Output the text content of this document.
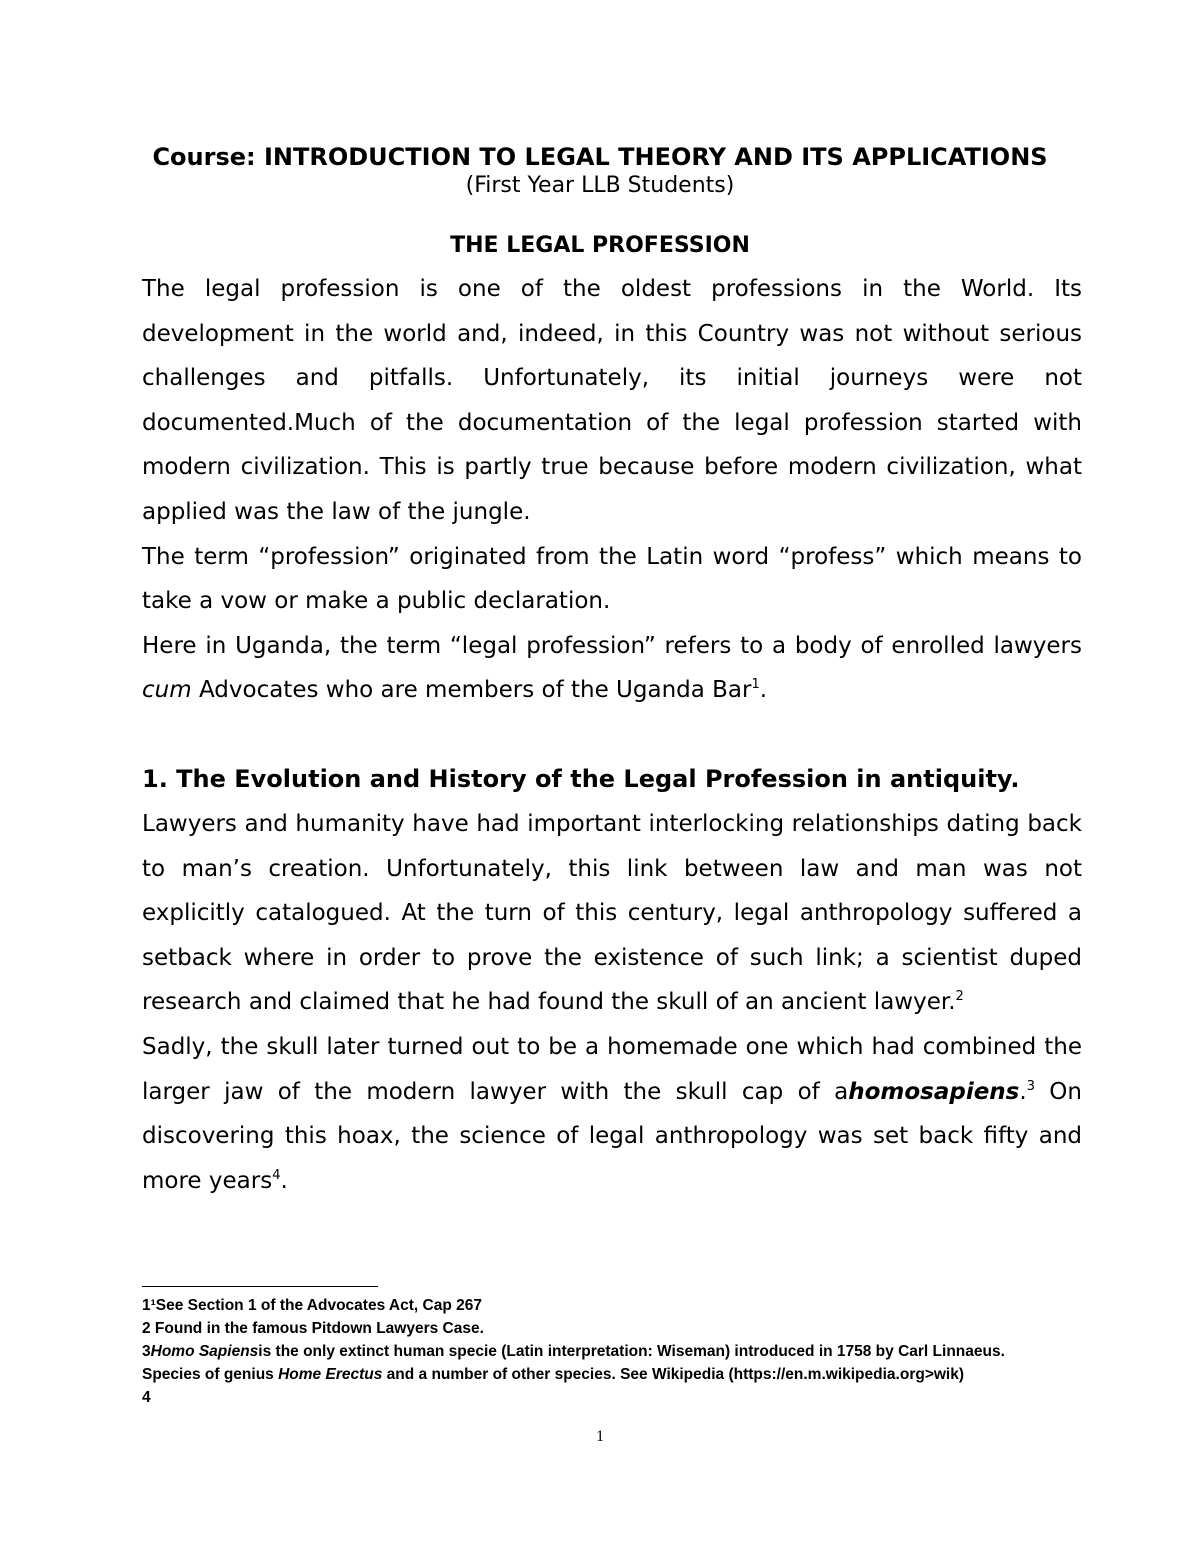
Course: INTRODUCTION TO LEGAL THEORY AND ITS APPLICATIONS

(First Year LLB Students)

THE LEGAL PROFESSION

The legal profession is one of the oldest professions in the World. Its development in the world and, indeed, in this Country was not without serious challenges and pitfalls. Unfortunately, its initial journeys were not documented.Much of the documentation of the legal profession started with modern civilization. This is partly true because before modern civilization, what applied was the law of the jungle.

The term “profession” originated from the Latin word “profess” which means to take a vow or make a public declaration.

Here in Uganda, the term “legal profession” refers to a body of enrolled lawyers cum Advocates who are members of the Uganda Bar$^1$.

1. The Evolution and History of the Legal Profession in antiquity.

Lawyers and humanity have had important interlocking relationships dating back to man’s creation. Unfortunately, this link between law and man was not explicitly catalogued. At the turn of this century, legal anthropology suffered a setback where in order to prove the existence of such link; a scientist duped research and claimed that he had found the skull of an ancient lawyer.$^2$

Sadly, the skull later turned out to be a homemade one which had combined the larger jaw of the modern lawyer with the skull cap of ahomosapiens.$^3$ On discovering this hoax, the science of legal anthropology was set back fifty and more years$^4$.

1¹See Section 1 of the Advocates Act, Cap 267
2 Found in the famous Pitdown Lawyers Case.
3Homo Sapiensis the only extinct human specie (Latin interpretation: Wiseman) introduced in 1758 by Carl Linnaeus.
Species of genius Home Erectus and a number of other species. See Wikipedia (https://en.m.wikipedia.org>wik)
4
1
